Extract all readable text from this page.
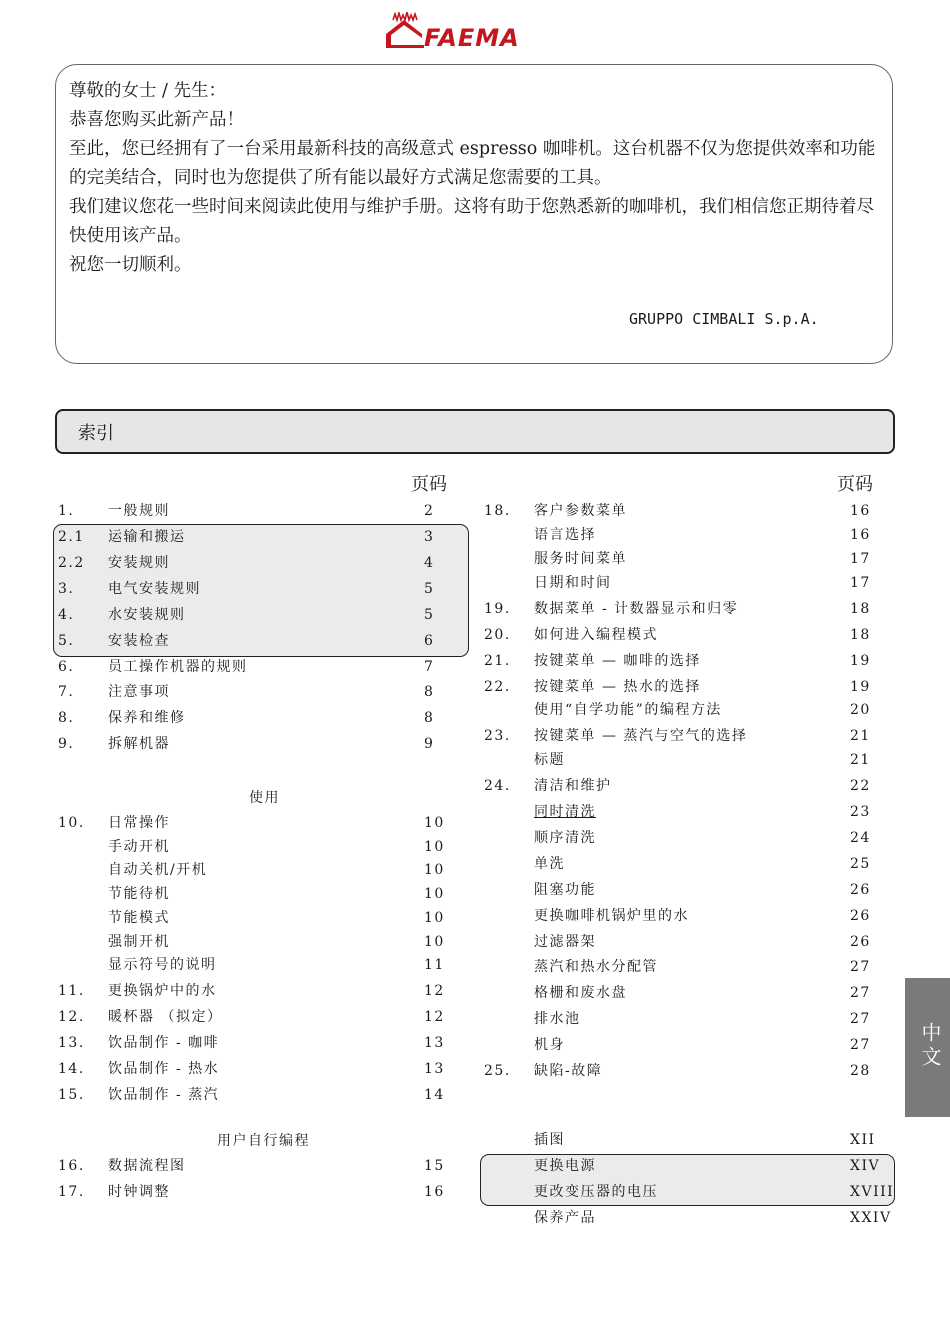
FAEMA

尊敬的女士 / 先生：

恭喜您购买此新产品！

至此，您已经拥有了一台采用最新科技的高级意式 espresso 咖啡机。这台机器不仅为您提供效率和功能的完美结合，同时也为您提供了所有能以最好方式满足您需要的工具。

我们建议您花一些时间来阅读此使用与维护手册。这将有助于您熟悉新的咖啡机，我们相信您正期待着尽快使用该产品。

祝您一切顺利。

GRUPPO CIMBALI S.p.A.
索引
页码	页码
使用
用户自行编程
1. 一般规则	2
2.1 运输和搬运	3
2.2 安装规则	4
3. 电气安装规则	5
4. 水安装规则	5
5. 安装检查	6
6. 员工操作机器的规则	7
7. 注意事项	8
8. 保养和维修	8
9. 拆解机器	9
10. 日常操作	10
手动开机	10
自动关机/开机	10
节能待机	10
节能模式	10
强制开机	10
显示符号的说明	11
11. 更换锅炉中的水	12
12. 暖杯器 （拟定）	12
13. 饮品制作 - 咖啡	13
14. 饮品制作 - 热水	13
15. 饮品制作 - 蒸汽	14
16. 数据流程图	15
17. 时钟调整	16
18. 客户参数菜单	16
语言选择	16
服务时间菜单	17
日期和时间	17
19. 数据菜单 - 计数器显示和归零	18
20. 如何进入编程模式	18
21. 按键菜单 — 咖啡的选择	19
22. 按键菜单 — 热水的选择	19
使用“自学功能”的编程方法	20
23. 按键菜单 — 蒸汽与空气的选择	21
标题	21
24. 清洁和维护	22
同时清洗	23
顺序清洗	24
单洗	25
阻塞功能	26
更换咖啡机锅炉里的水	26
过滤器架	26
蒸汽和热水分配管	27
格栅和废水盘	27
排水池	27
机身	27
25. 缺陷-故障	28
插图	XII
更换电源	XIV
更改变压器的电压	XVIII
保养产品	XXIV
中文
